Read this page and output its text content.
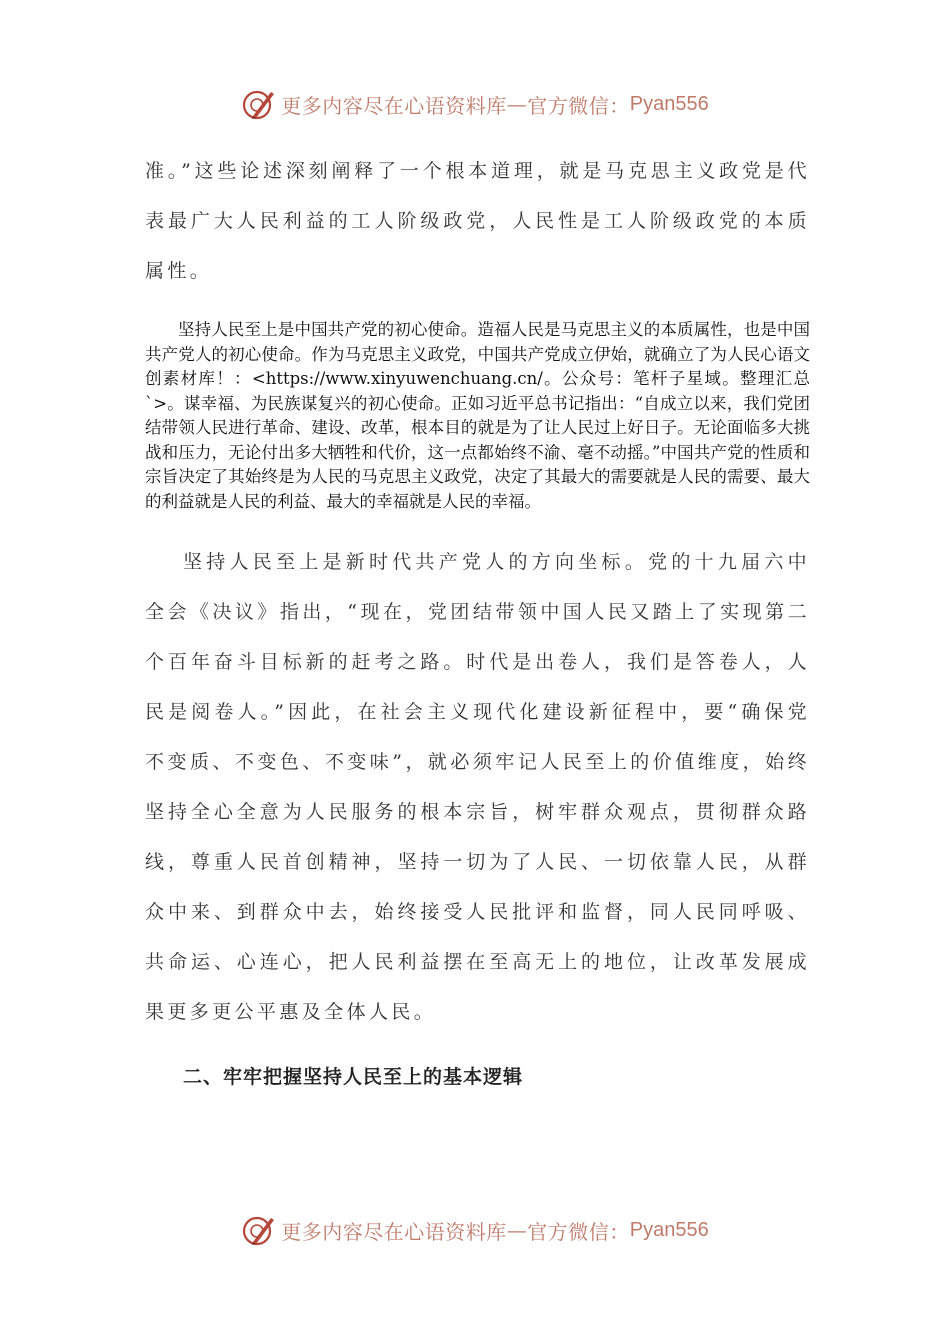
更多内容尽在心语资料库 — 官方微信： Pyan556

准。”这些论述深刻阐释了一个根本道理，就是马克思主义政党是代表最广大人民利益的工人阶级政党，人民性是工人阶级政党的本质属性。

坚持人民至上是中国共产党的初心使命。造福人民是马克思主义的本质属性，也是中国共产党人的初心使命。作为马克思主义政党，中国共产党成立伊始，就确立了为人民心语文创素材库！：<https://www.xinyuwenchuang.cn/。公众号：笔杆子星域。整理汇总`>。谋幸福、为民族谋复兴的初心使命。正如习近平总书记指出：“自成立以来，我们党团结带领人民进行革命、建设、改革，根本目的就是为了让人民过上好日子。无论面临多大挑战和压力，无论付出多大牺牲和代价，这一点都始终不渝、毫不动摇。”中国共产党的性质和宗旨决定了其始终是为人民的马克思主义政党，决定了其最大的需要就是人民的需要、最大的利益就是人民的利益、最大的幸福就是人民的幸福。

坚持人民至上是新时代共产党人的方向坐标。党的十九届六中全会《决议》指出，“现在，党团结带领中国人民又踏上了实现第二个百年奋斗目标新的赶考之路。时代是出卷人，我们是答卷人，人民是阅卷人。”因此，在社会主义现代化建设新征程中，要“确保党不变质、不变色、不变味”，就必须牢记人民至上的价值维度，始终坚持全心全意为人民服务的根本宗旨，树牢群众观点，贯彻群众路线，尊重人民首创精神，坚持一切为了人民、一切依靠人民，从群众中来、到群众中去，始终接受人民批评和监督，同人民同呼吸、共命运、心连心，把人民利益摆在至高无上的地位，让改革发展成果更多更公平惠及全体人民。

二、牢牢把握坚持人民至上的基本逻辑

更多内容尽在心语资料库 — 官方微信： Pyan556
